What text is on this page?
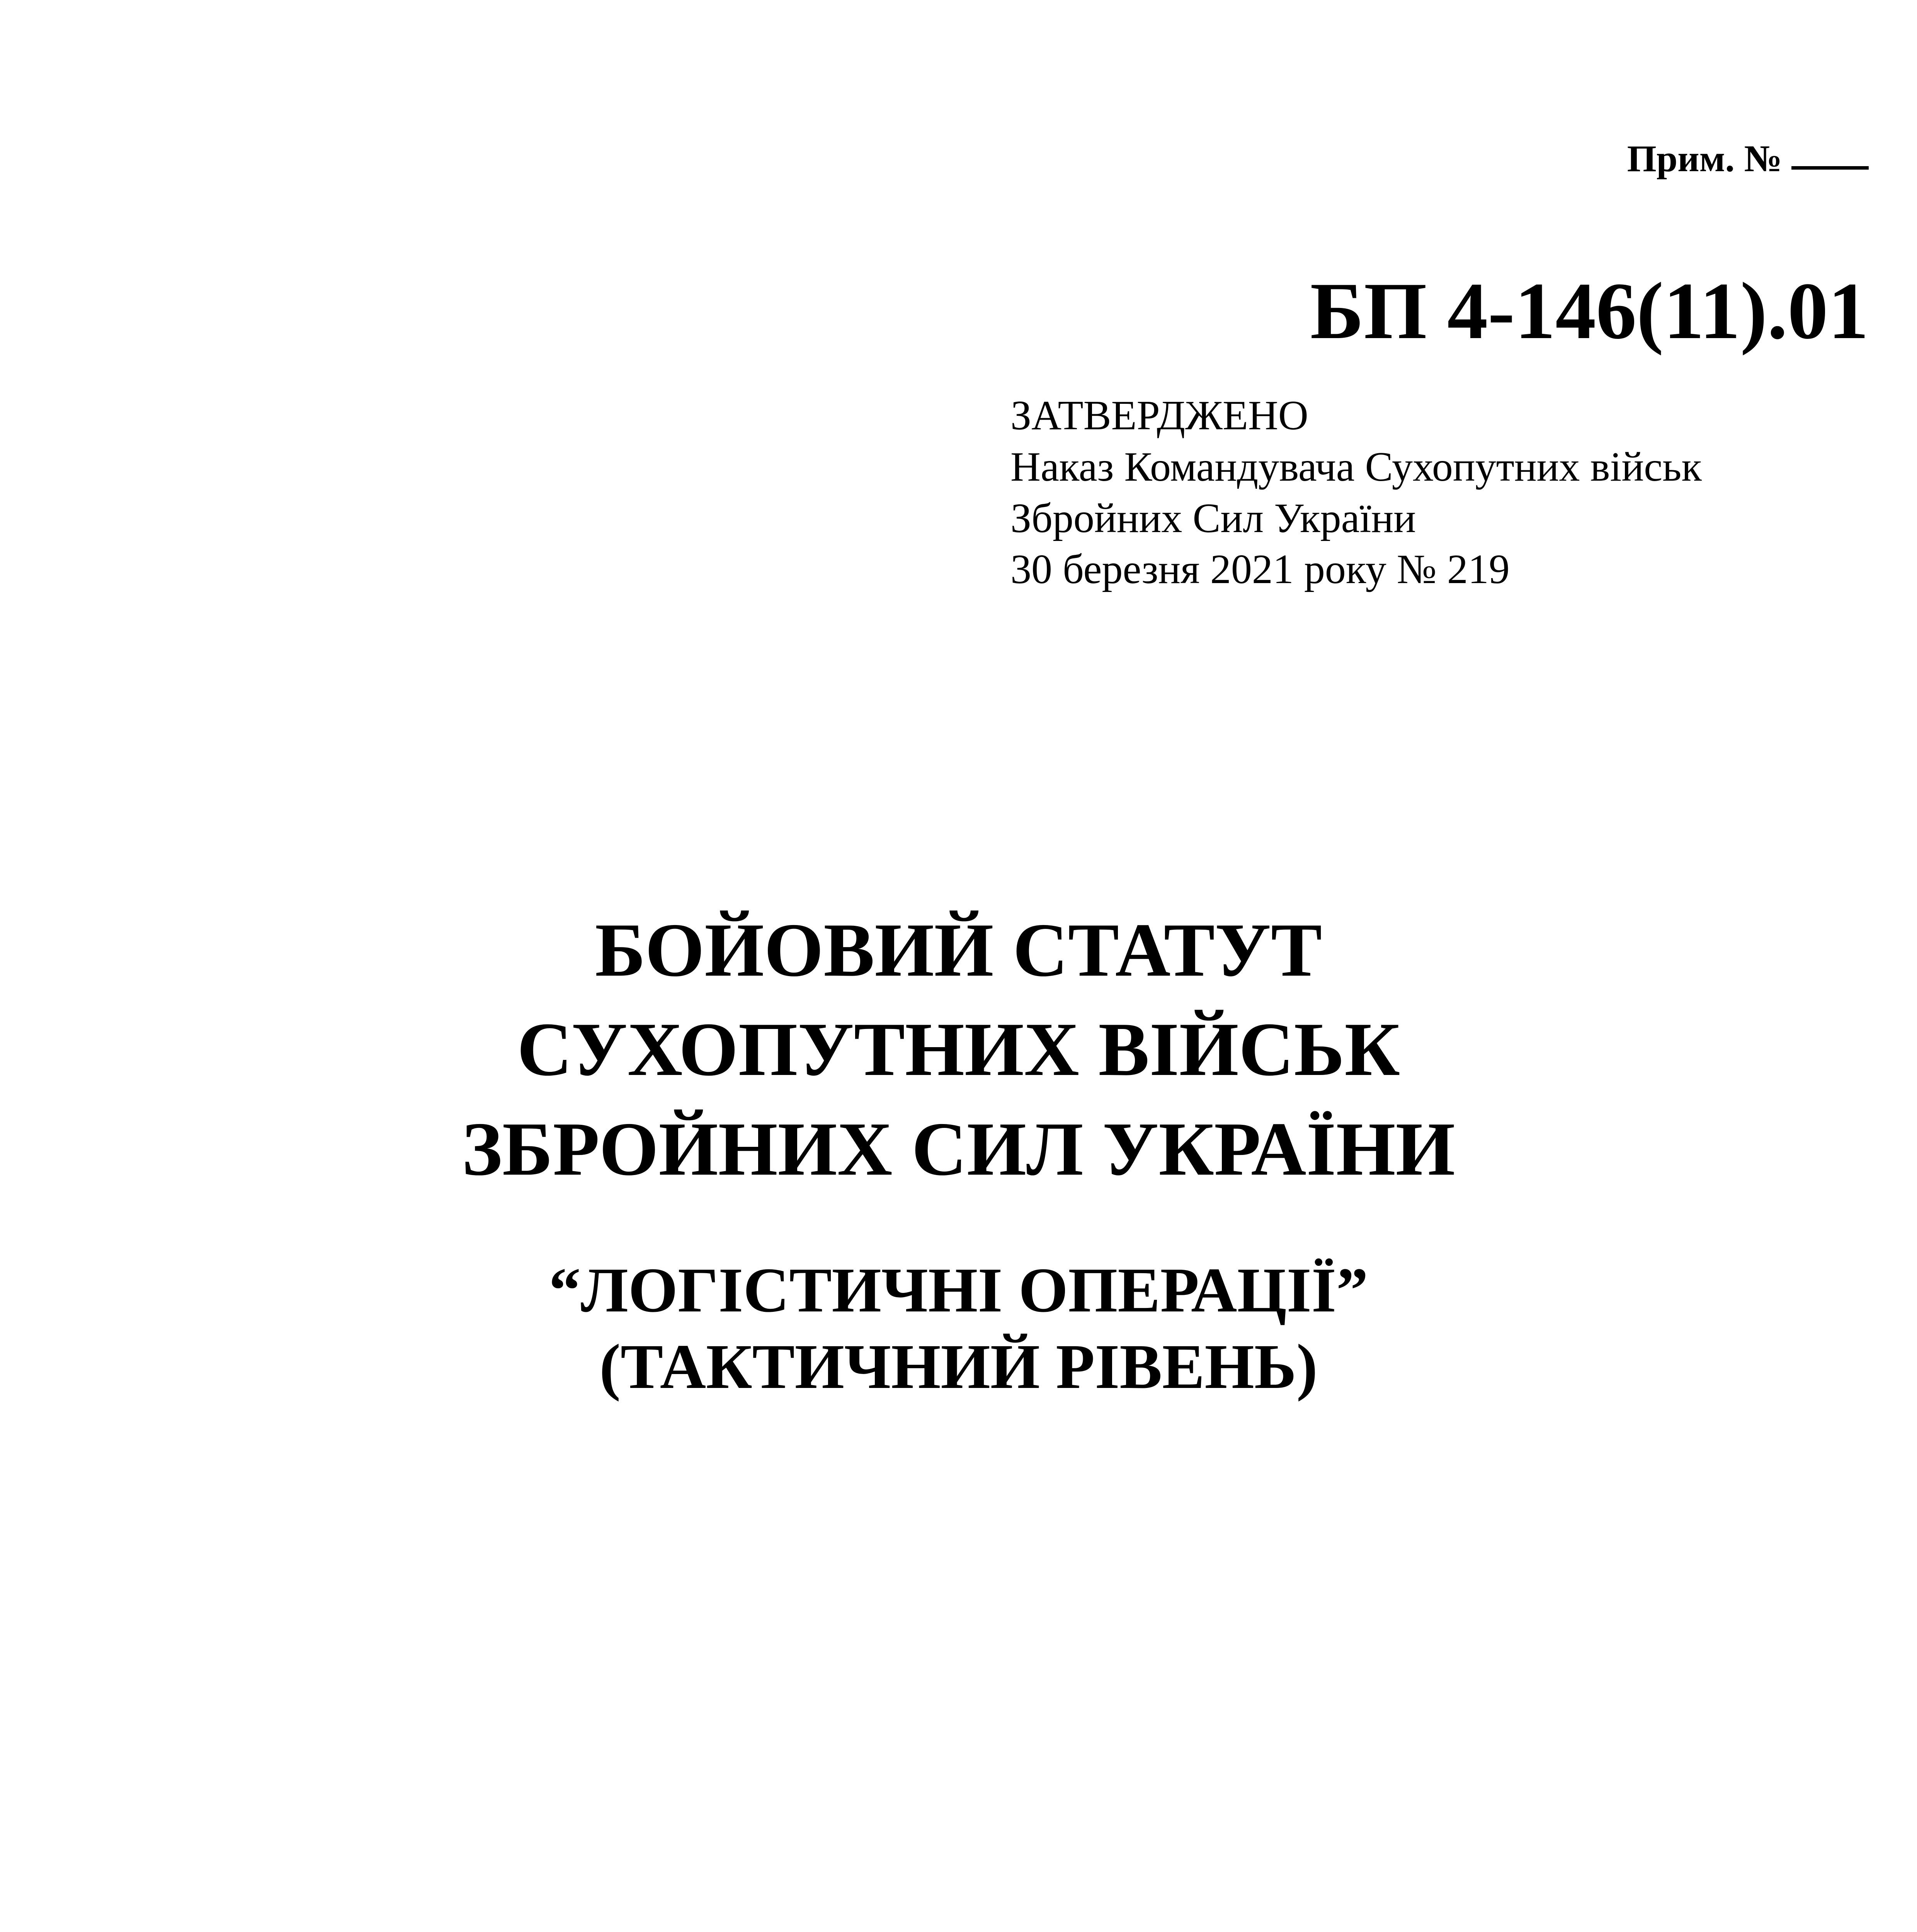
Прим. №
БП 4-146(11).01
ЗАТВЕРДЖЕНО
Наказ Командувача Сухопутних військ
Збройних Сил України
30 березня 2021 року № 219
БОЙОВИЙ СТАТУТ
СУХОПУТНИХ ВІЙСЬК
ЗБРОЙНИХ СИЛ УКРАЇНИ
“ЛОГІСТИЧНІ ОПЕРАЦІЇ”
(ТАКТИЧНИЙ РІВЕНЬ)
